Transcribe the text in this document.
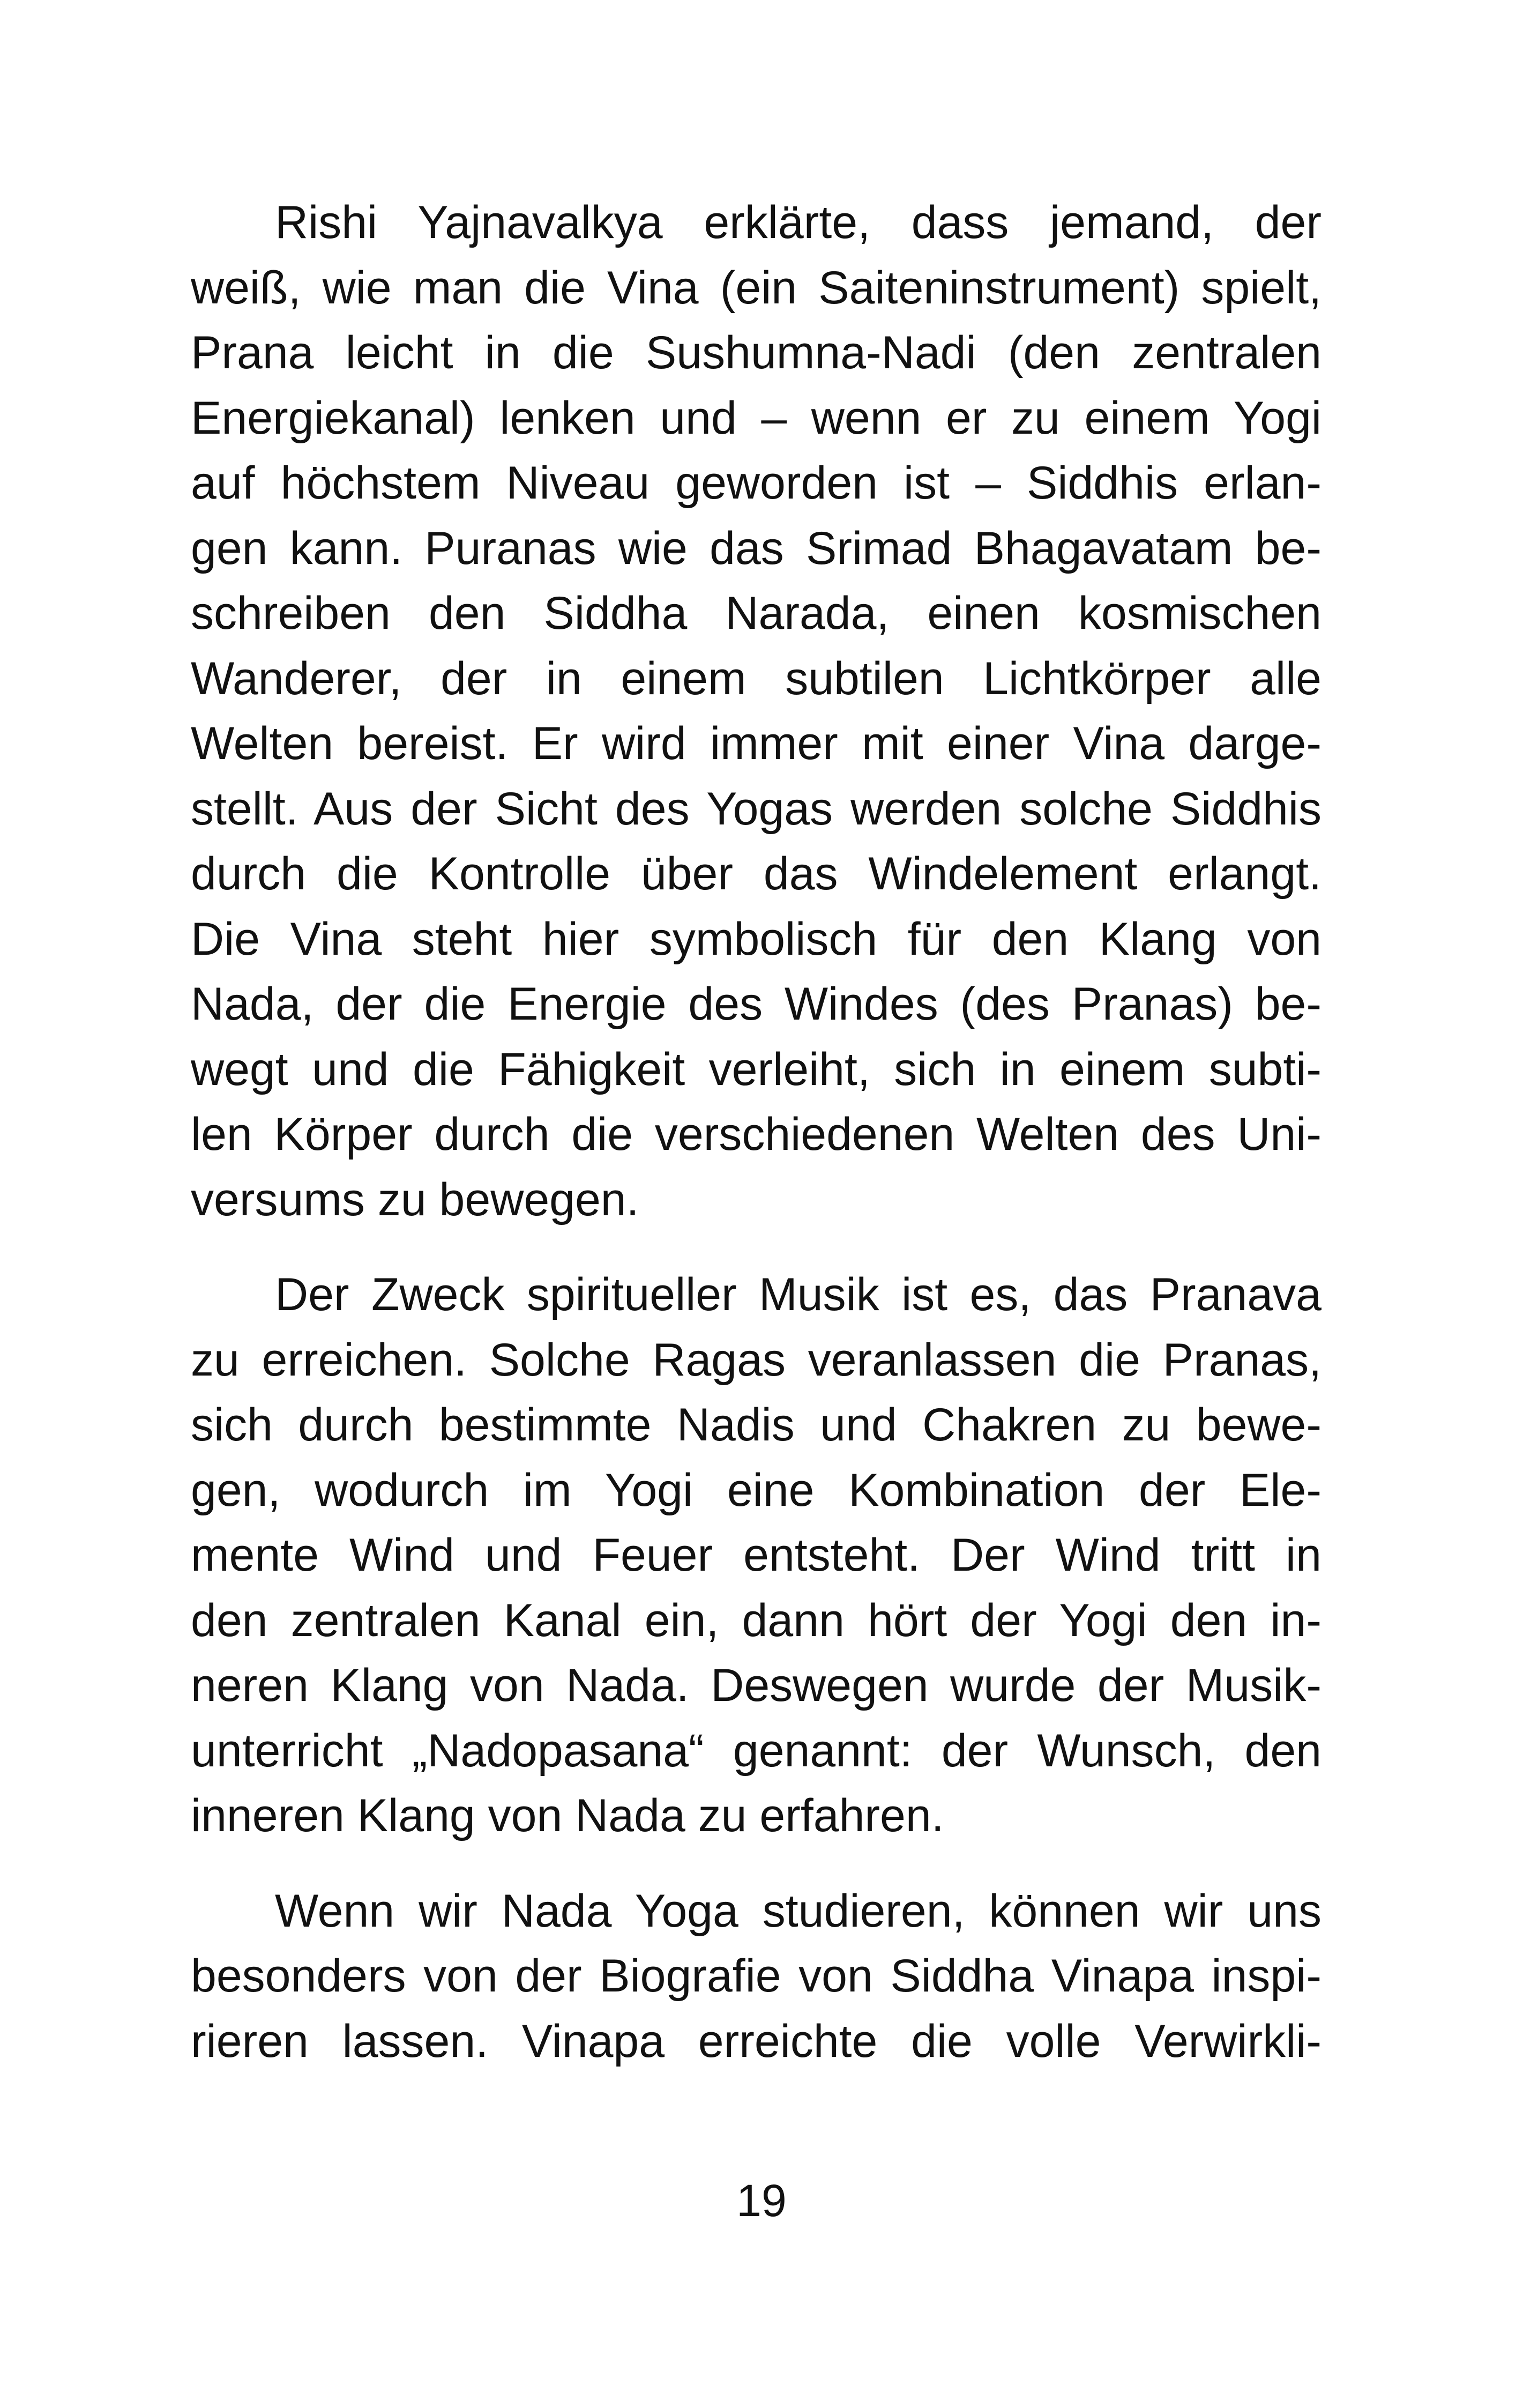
Rishi Yajnavalkya erklärte, dass jemand, der
weiß, wie man die Vina (ein Saiteninstrument) spielt,
Prana leicht in die Sushumna-Nadi (den zentralen
Energiekanal) lenken und – wenn er zu einem Yogi
auf höchstem Niveau geworden ist – Siddhis erlan-
gen kann. Puranas wie das Srimad Bhagavatam be-
schreiben den Siddha Narada, einen kosmischen
Wanderer, der in einem subtilen Lichtkörper alle
Welten bereist. Er wird immer mit einer Vina darge-
stellt. Aus der Sicht des Yogas werden solche Siddhis
durch die Kontrolle über das Windelement erlangt.
Die Vina steht hier symbolisch für den Klang von
Nada, der die Energie des Windes (des Pranas) be-
wegt und die Fähigkeit verleiht, sich in einem subti-
len Körper durch die verschiedenen Welten des Uni-
versums zu bewegen.
Der Zweck spiritueller Musik ist es, das Pranava
zu erreichen. Solche Ragas veranlassen die Pranas,
sich durch bestimmte Nadis und Chakren zu bewe-
gen, wodurch im Yogi eine Kombination der Ele-
mente Wind und Feuer entsteht. Der Wind tritt in
den zentralen Kanal ein, dann hört der Yogi den in-
neren Klang von Nada. Deswegen wurde der Musik-
unterricht „Nadopasana“ genannt: der Wunsch, den
inneren Klang von Nada zu erfahren.
Wenn wir Nada Yoga studieren, können wir uns
besonders von der Biografie von Siddha Vinapa inspi-
rieren lassen. Vinapa erreichte die volle Verwirkli-
19
